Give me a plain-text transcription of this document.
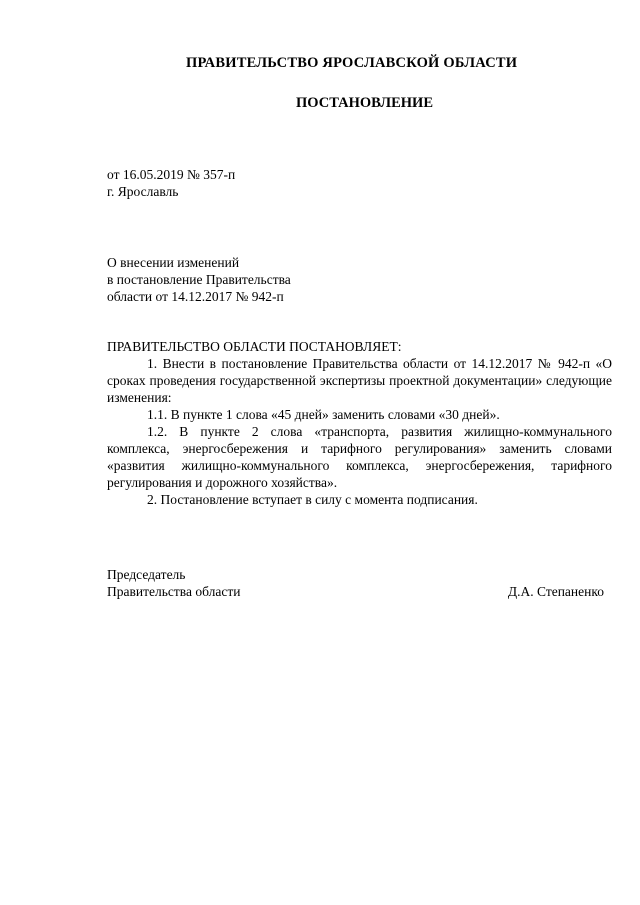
ПРАВИТЕЛЬСТВО ЯРОСЛАВСКОЙ ОБЛАСТИ
ПОСТАНОВЛЕНИЕ
от 16.05.2019 № 357-п
г. Ярославль
О внесении изменений
в постановление Правительства
области от 14.12.2017 № 942-п
ПРАВИТЕЛЬСТВО ОБЛАСТИ ПОСТАНОВЛЯЕТ:

1. Внести в постановление Правительства области от 14.12.2017 № 942-п «О сроках проведения государственной экспертизы проектной документации» следующие изменения:

1.1. В пункте 1 слова «45 дней» заменить словами «30 дней».

1.2. В пункте 2 слова «транспорта, развития жилищно-коммунального комплекса, энергосбережения и тарифного регулирования» заменить словами «развития жилищно-коммунального комплекса, энергосбережения, тарифного регулирования и дорожного хозяйства».

2. Постановление вступает в силу с момента подписания.

Председатель
Правительства области	Д.А. Степаненко
